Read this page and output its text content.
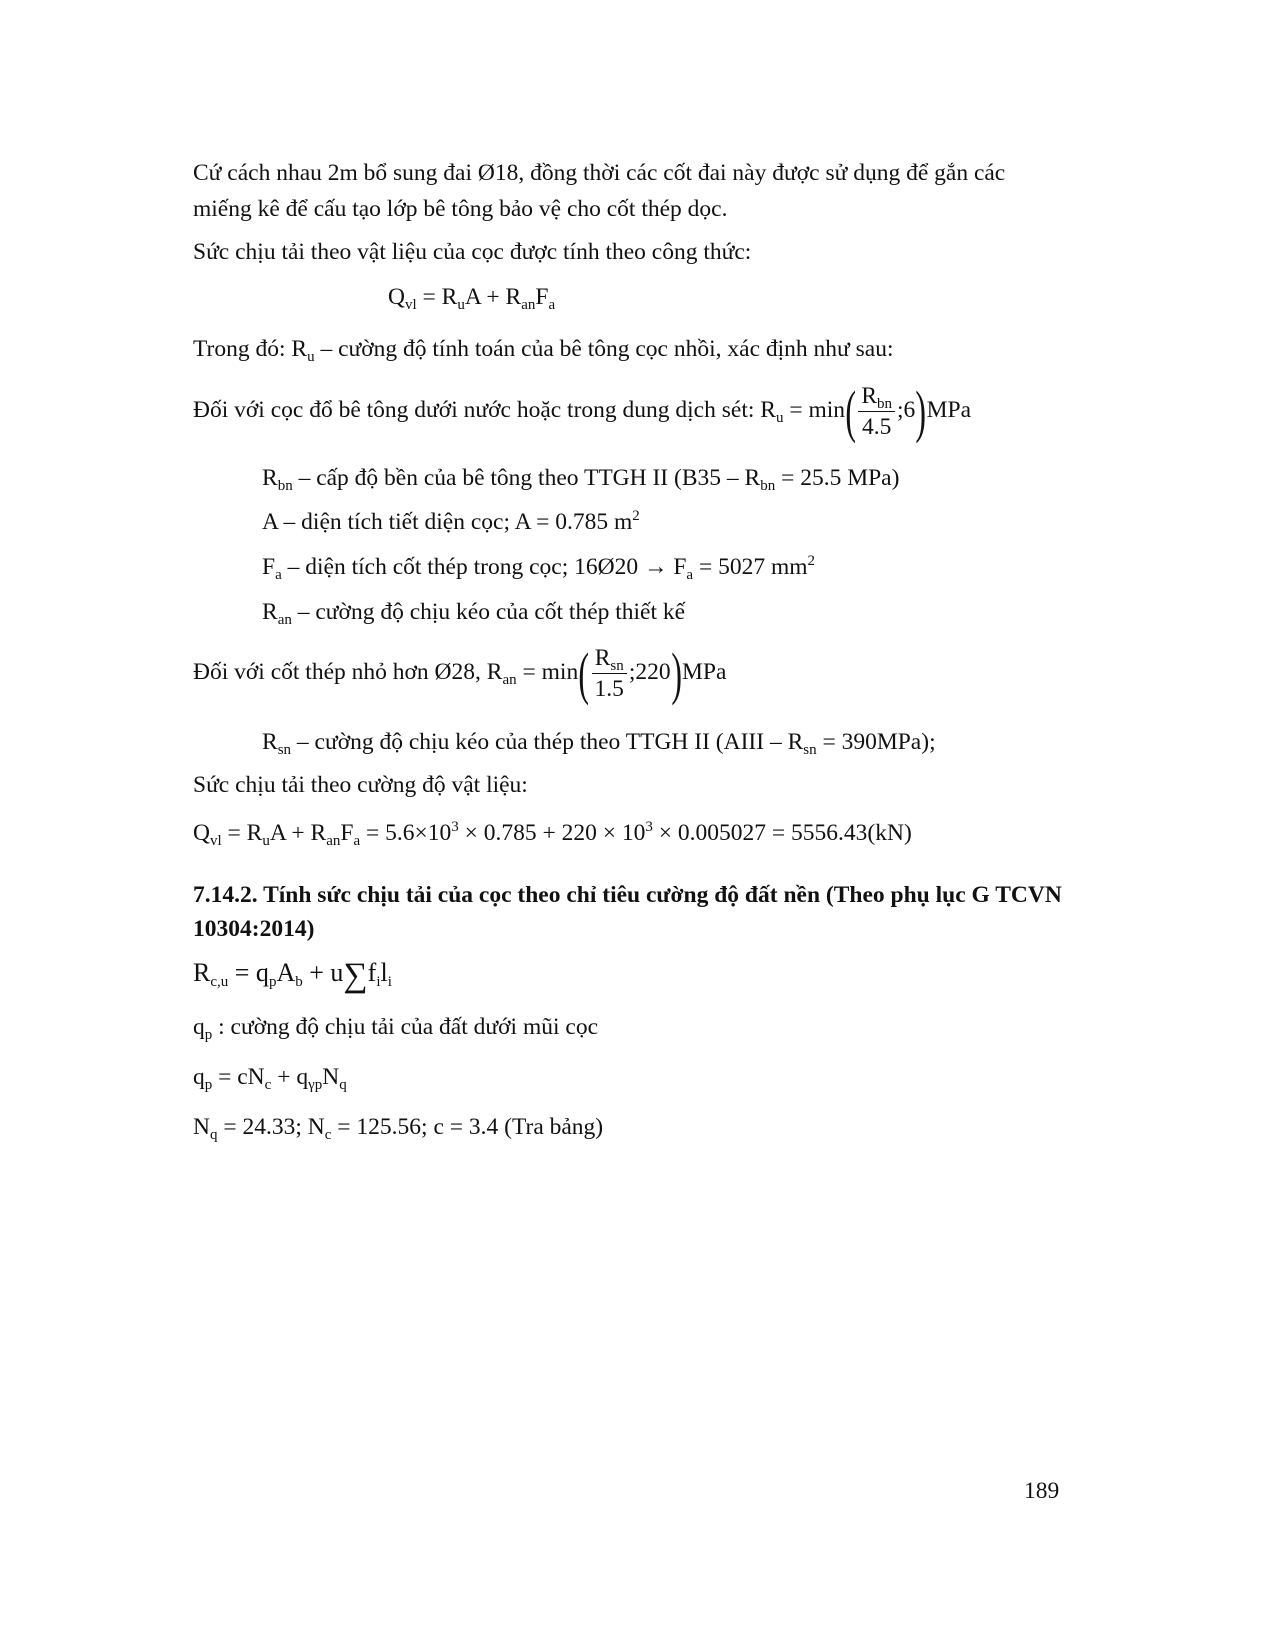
Cứ cách nhau 2m bổ sung đai Ø18, đồng thời các cốt đai này được sử dụng để gắn các
miếng kê để cấu tạo lớp bê tông bảo vệ cho cốt thép dọc.
Sức chịu tải theo vật liệu của cọc được tính theo công thức:
$Q_{vl} = R_uA + R_{an}F_a$
Trong đó: $R_u$ – cường độ tính toán của bê tông cọc nhồi, xác định như sau:
Đối với cọc đổ bê tông dưới nước hoặc trong dung dịch sét: $R_u = \min( \frac{R_{bn}}{4.5}$ ;6)MPa
$R_{bn}$ – cấp độ bền của bê tông theo TTGH II ($B35 - R_{bn} = 25.5$ MPa)
A – diện tích tiết diện cọc; A = 0.785 $m^2$
$F_a$ – diện tích cốt thép trong cọc; 16Ø20 → $F_a = 5027$ $mm^2$
$R_{an}$ – cường độ chịu kéo của cốt thép thiết kế
Đối với cốt thép nhỏ hơn Ø28, $R_{an} = \min( \frac{R_{sn}}{1.5}$ ;220)MPa
$R_{sn}$ – cường độ chịu kéo của thép theo TTGH II (AIII – $R_{sn} = 390MPa$);
Sức chịu tải theo cường độ vật liệu:
$Q_{vl} = R_uA + R_{an}F_a = 5.6\times 10^3 \times 0.785 + 220 \times 10^3 \times 0.005027 = 5556.43(kN)$
7.14.2. Tính sức chịu tải của cọc theo chỉ tiêu cường độ đất nền (Theo phụ lục G TCVN
10304:2014)
$R_{c,u} = q_pA_b + u\sum f_il_i$
$q_p$ : cường độ chịu tải của đất dưới mũi cọc
$q_p = cN_c + q_{\gamma p}N_q$
$N_q = 24.33$; $N_c = 125.56$; c = 3.4 (Tra bảng)
189
